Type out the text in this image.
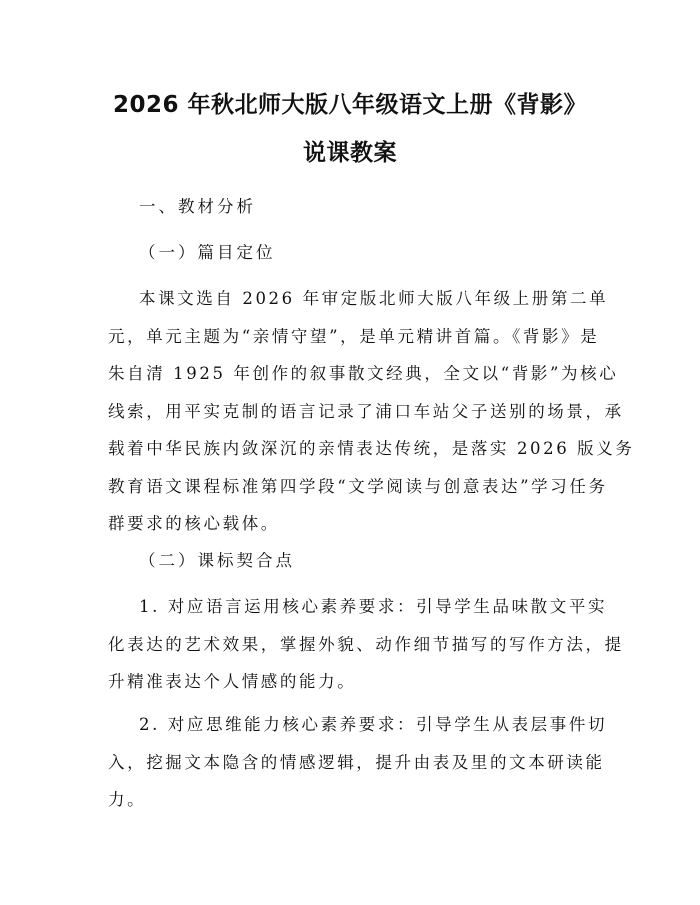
2026 年秋北师大版八年级语文上册《背影》
说课教案
一、教材分析
（一）篇目定位

本课文选自 2026 年审定版北师大版八年级上册第二单
元，单元主题为“亲情守望”，是单元精讲首篇。《背影》是
朱自清 1925 年创作的叙事散文经典，全文以“背影”为核心
线索，用平实克制的语言记录了浦口车站父子送别的场景，承
载着中华民族内敛深沉的亲情表达传统，是落实 2026 版义务
教育语文课程标准第四学段“文学阅读与创意表达”学习任务
群要求的核心载体。

（二）课标契合点

1. 对应语言运用核心素养要求：引导学生品味散文平实
化表达的艺术效果，掌握外貌、动作细节描写的写作方法，提
升精准表达个人情感的能力。

2. 对应思维能力核心素养要求：引导学生从表层事件切
入，挖掘文本隐含的情感逻辑，提升由表及里的文本研读能
力。
